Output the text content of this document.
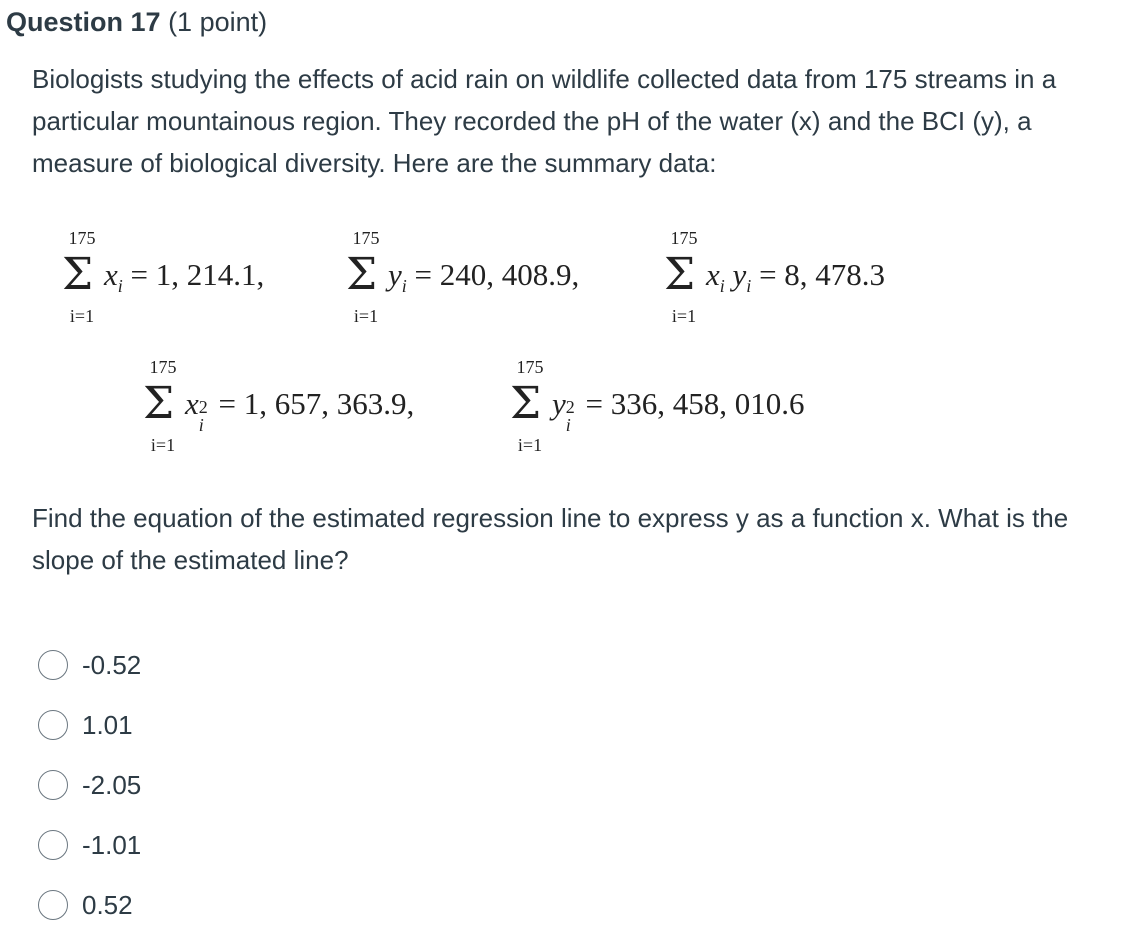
Question 17 (1 point)
Biologists studying the effects of acid rain on wildlife collected data from 175 streams in a particular mountainous region. They recorded the pH of the water (x) and the BCI (y), a measure of biological diversity. Here are the summary data:
175
Σ $x_i = 1$, 214.1,
i=1
175
Σ $y_i = 240$, 408.9,
i=1
175
Σ $x_i$ $y_i = 8$, 478.3
i=1
175
Σ x 2
i
= 1, 657, 363.9,
i=1
175
Σ y 2
i
= 336, 458, 010.6
i=1
Find the equation of the estimated regression line to express y as a function x. What is the slope of the estimated line?
-0.52
1.01
-2.05
-1.01
0.52
